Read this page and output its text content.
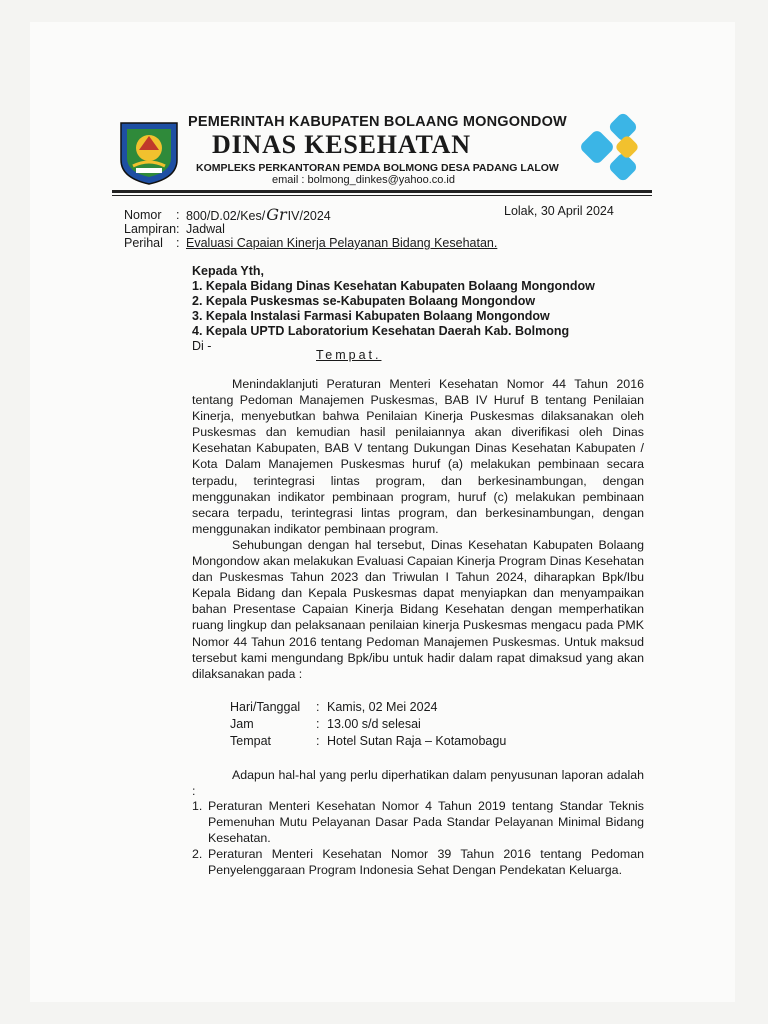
PEMERINTAH KABUPATEN BOLAANG MONGONDOW
DINAS KESEHATAN
KOMPLEKS PERKANTORAN PEMDA BOLMONG DESA PADANG LALOW
email : bolmong_dinkes@yahoo.co.id
Lolak, 30 April 2024
Nomor : 800/D.02/Kes/GrIV/2024
Lampiran : Jadwal
Perihal : Evaluasi Capaian Kinerja Pelayanan Bidang Kesehatan.
Kepada Yth,
1. Kepala Bidang Dinas Kesehatan Kabupaten Bolaang Mongondow
2. Kepala Puskesmas se-Kabupaten Bolaang Mongondow
3. Kepala Instalasi Farmasi Kabupaten Bolaang Mongondow
4. Kepala UPTD Laboratorium Kesehatan Daerah Kab. Bolmong
Di -
Tempat.

Menindaklanjuti Peraturan Menteri Kesehatan Nomor 44 Tahun 2016 tentang Pedoman Manajemen Puskesmas, BAB IV Huruf B tentang Penilaian Kinerja, menyebutkan bahwa Penilaian Kinerja Puskesmas dilaksanakan oleh Puskesmas dan kemudian hasil penilaiannya akan diverifikasi oleh Dinas Kesehatan Kabupaten, BAB V tentang Dukungan Dinas Kesehatan Kabupaten / Kota Dalam Manajemen Puskesmas huruf (a) melakukan pembinaan secara terpadu, terintegrasi lintas program, dan berkesinambungan, dengan menggunakan indikator pembinaan program, huruf (c) melakukan pembinaan secara terpadu, terintegrasi lintas program, dan berkesinambungan, dengan menggunakan indikator pembinaan program.

Sehubungan dengan hal tersebut, Dinas Kesehatan Kabupaten Bolaang Mongondow akan melakukan Evaluasi Capaian Kinerja Program Dinas Kesehatan dan Puskesmas Tahun 2023 dan Triwulan I Tahun 2024, diharapkan Bpk/Ibu Kepala Bidang dan Kepala Puskesmas dapat menyiapkan dan menyampaikan bahan Presentase Capaian Kinerja Bidang Kesehatan dengan memperhatikan ruang lingkup dan pelaksanaan penilaian kinerja Puskesmas mengacu pada PMK Nomor 44 Tahun 2016 tentang Pedoman Manajemen Puskesmas. Untuk maksud tersebut kami mengundang Bpk/ibu untuk hadir dalam rapat dimaksud yang akan dilaksanakan pada :

Hari/Tanggal : Kamis, 02 Mei 2024
Jam	: 13.00 s/d selesai
Tempat	: Hotel Sutan Raja – Kotamobagu

Adapun hal-hal yang perlu diperhatikan dalam penyusunan laporan adalah :

1. Peraturan Menteri Kesehatan Nomor 4 Tahun 2019 tentang Standar Teknis Pemenuhan Mutu Pelayanan Dasar Pada Standar Pelayanan Minimal Bidang Kesehatan.
2. Peraturan Menteri Kesehatan Nomor 39 Tahun 2016 tentang Pedoman Penyelenggaraan Program Indonesia Sehat Dengan Pendekatan Keluarga.
